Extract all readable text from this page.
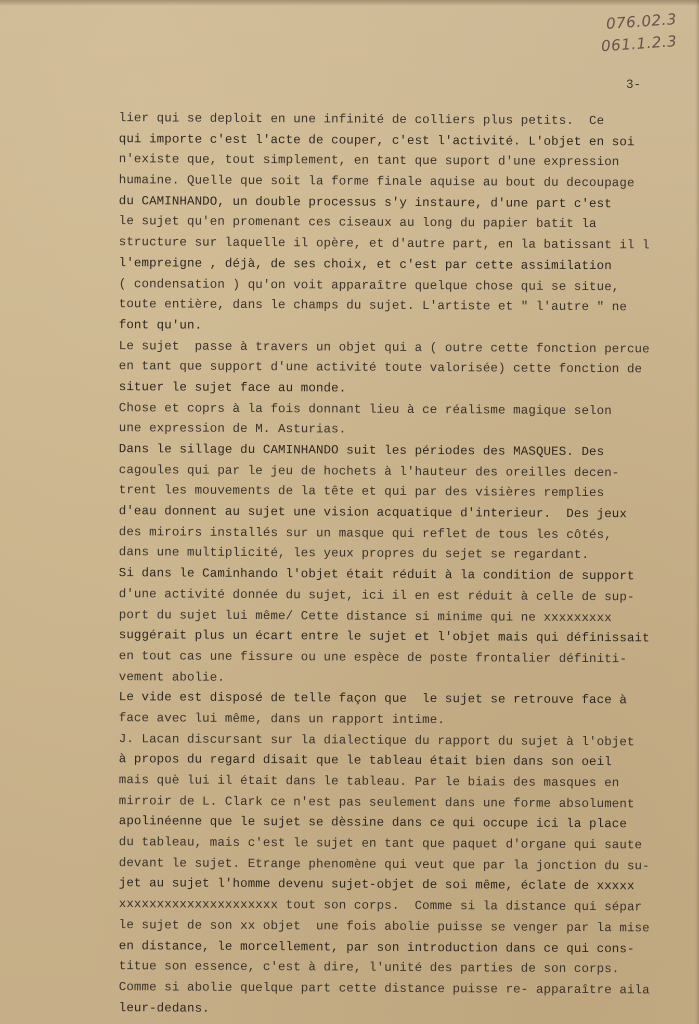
076.02.3
061.1.2.3
3-
lier qui se deploit en une infinité de colliers plus petits.  Ce
qui importe c'est l'acte de couper, c'est l'activité. L'objet en soi
n'existe que, tout simplement, en tant que suport d'une expression
humaine. Quelle que soit la forme finale aquise au bout du decoupage
du CAMINHANDO, un double processus s'y instaure, d'une part c'est
le sujet qu'en promenant ces ciseaux au long du papier batit la
structure sur laquelle il opère, et d'autre part, en la batissant il l
l'empreigne , déjà, de ses choix, et c'est par cette assimilation
( condensation ) qu'on voit apparaître quelque chose qui se situe,
toute entière, dans le champs du sujet. L'artiste et " l'autre " ne
font qu'un.
Le sujet  passe à travers un objet qui a ( outre cette fonction percue
en tant que support d'une activité toute valorisée) cette fonction de
situer le sujet face au monde.
Chose et coprs à la fois donnant lieu à ce réalisme magique selon
une expression de M. Asturias.
Dans le sillage du CAMINHANDO suit les périodes des MASQUES. Des
cagoules qui par le jeu de hochets à l'hauteur des oreilles decen-
trent les mouvements de la tête et qui par des visières remplies
d'eau donnent au sujet une vision acquatique d'interieur.  Des jeux
des miroirs installés sur un masque qui reflet de tous les côtés,
dans une multiplicité, les yeux propres du sejet se regardant.
Si dans le Caminhando l'objet était réduit à la condition de support
d'une activité donnée du sujet, ici il en est réduit à celle de sup-
port du sujet lui même/ Cette distance si minime qui ne xxxxxxxxx
suggérait plus un écart entre le sujet et l'objet mais qui définissait
en tout cas une fissure ou une espèce de poste frontalier définiti-
vement abolie.
Le vide est disposé de telle façon que  le sujet se retrouve face à
face avec lui même, dans un rapport intime.
J. Lacan discursant sur la dialectique du rapport du sujet à l'objet
à propos du regard disait que le tableau était bien dans son oeil
mais què lui il était dans le tableau. Par le biais des masques en
mirroir de L. Clark ce n'est pas seulement dans une forme absolument
apolinéenne que le sujet se dèssine dans ce qui occupe ici la place
du tableau, mais c'est le sujet en tant que paquet d'organe qui saute
devant le sujet. Etrange phenomène qui veut que par la jonction du su-
jet au sujet l'homme devenu sujet-objet de soi même, éclate de xxxxx
xxxxxxxxxxxxxxxxxxxxx tout son corps.  Comme si la distance qui sépar
le sujet de son xx objet  une fois abolie puisse se venger par la mise
en distance, le morcellement, par son introduction dans ce qui cons-
titue son essence, c'est à dire, l'unité des parties de son corps.
Comme si abolie quelque part cette distance puisse re- apparaître aila
leur-dedans.
